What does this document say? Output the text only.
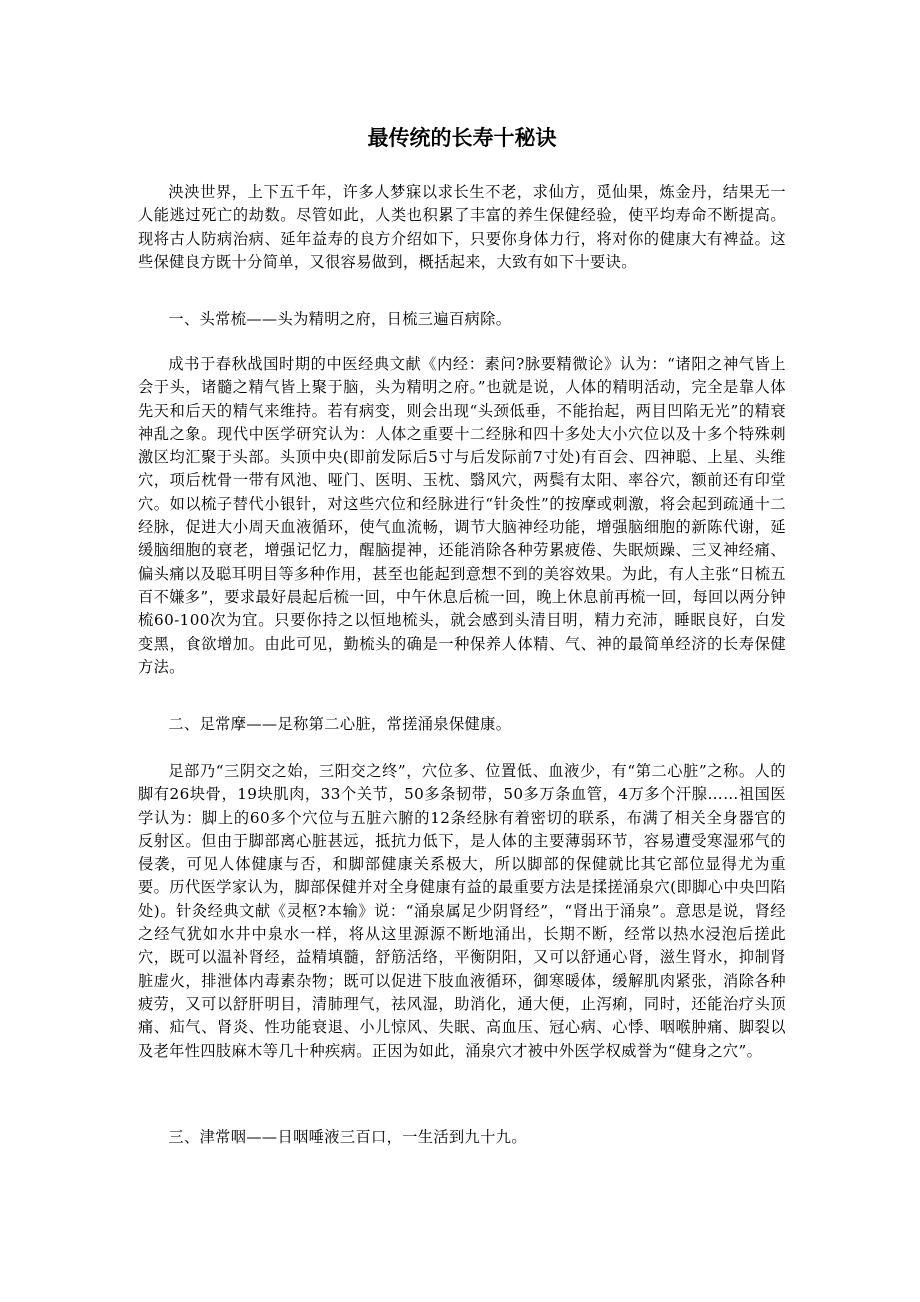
最传统的长寿十秘诀

泱泱世界，上下五千年，许多人梦寐以求长生不老，求仙方，觅仙果，炼金丹，结果无一人能逃过死亡的劫数。尽管如此，人类也积累了丰富的养生保健经验，使平均寿命不断提高。现将古人防病治病、延年益寿的良方介绍如下，只要你身体力行，将对你的健康大有裨益。这些保健良方既十分简单，又很容易做到，概括起来，大致有如下十要诀。

一、头常梳——头为精明之府，日梳三遍百病除。

成书于春秋战国时期的中医经典文献《内经：素问?脉要精微论》认为：“诸阳之神气皆上会于头，诸髓之精气皆上聚于脑，头为精明之府。”也就是说，人体的精明活动，完全是靠人体先天和后天的精气来维持。若有病变，则会出现“头颈低垂，不能抬起，两目凹陷无光”的精衰神乱之象。现代中医学研究认为：人体之重要十二经脉和四十多处大小穴位以及十多个特殊刺激区均汇聚于头部。头顶中央(即前发际后5寸与后发际前7寸处)有百会、四神聪、上星、头维穴，项后枕骨一带有风池、哑门、医明、玉枕、翳风穴，两鬓有太阳、率谷穴，额前还有印堂穴。如以梳子替代小银针，对这些穴位和经脉进行“针灸性”的按摩或刺激，将会起到疏通十二经脉，促进大小周天血液循环，使气血流畅，调节大脑神经功能，增强脑细胞的新陈代谢，延缓脑细胞的衰老，增强记忆力，醒脑提神，还能消除各种劳累疲倦、失眠烦躁、三叉神经痛、偏头痛以及聪耳明目等多种作用，甚至也能起到意想不到的美容效果。为此，有人主张“日梳五百不嫌多”，要求最好晨起后梳一回，中午休息后梳一回，晚上休息前再梳一回，每回以两分钟梳60-100次为宜。只要你持之以恒地梳头，就会感到头清目明，精力充沛，睡眠良好，白发变黑，食欲增加。由此可见，勤梳头的确是一种保养人体精、气、神的最简单经济的长寿保健方法。

二、足常摩——足称第二心脏，常搓涌泉保健康。

足部乃“三阴交之始，三阳交之终”，穴位多、位置低、血液少，有“第二心脏”之称。人的脚有26块骨，19块肌肉，33个关节，50多条韧带，50多万条血管，4万多个汗腺……祖国医学认为：脚上的60多个穴位与五脏六腑的12条经脉有着密切的联系，布满了相关全身器官的反射区。但由于脚部离心脏甚远，抵抗力低下，是人体的主要薄弱环节，容易遭受寒湿邪气的侵袭，可见人体健康与否，和脚部健康关系极大，所以脚部的保健就比其它部位显得尤为重要。历代医学家认为，脚部保健并对全身健康有益的最重要方法是揉搓涌泉穴(即脚心中央凹陷处)。针灸经典文献《灵枢?本输》说：“涌泉属足少阴肾经”，“肾出于涌泉”。意思是说，肾经之经气犹如水井中泉水一样，将从这里源源不断地涌出，长期不断，经常以热水浸泡后搓此穴，既可以温补肾经，益精填髓，舒筋活络，平衡阴阳，又可以舒通心肾，滋生肾水，抑制肾脏虚火，排泄体内毒素杂物；既可以促进下肢血液循环，御寒暖体，缓解肌肉紧张，消除各种疲劳，又可以舒肝明目，清肺理气，祛风湿，助消化，通大便，止泻痢，同时，还能治疗头顶痛、疝气、肾炎、性功能衰退、小儿惊风、失眠、高血压、冠心病、心悸、咽喉肿痛、脚裂以及老年性四肢麻木等几十种疾病。正因为如此，涌泉穴才被中外医学权威誉为“健身之穴”。

三、津常咽——日咽唾液三百口，一生活到九十九。
